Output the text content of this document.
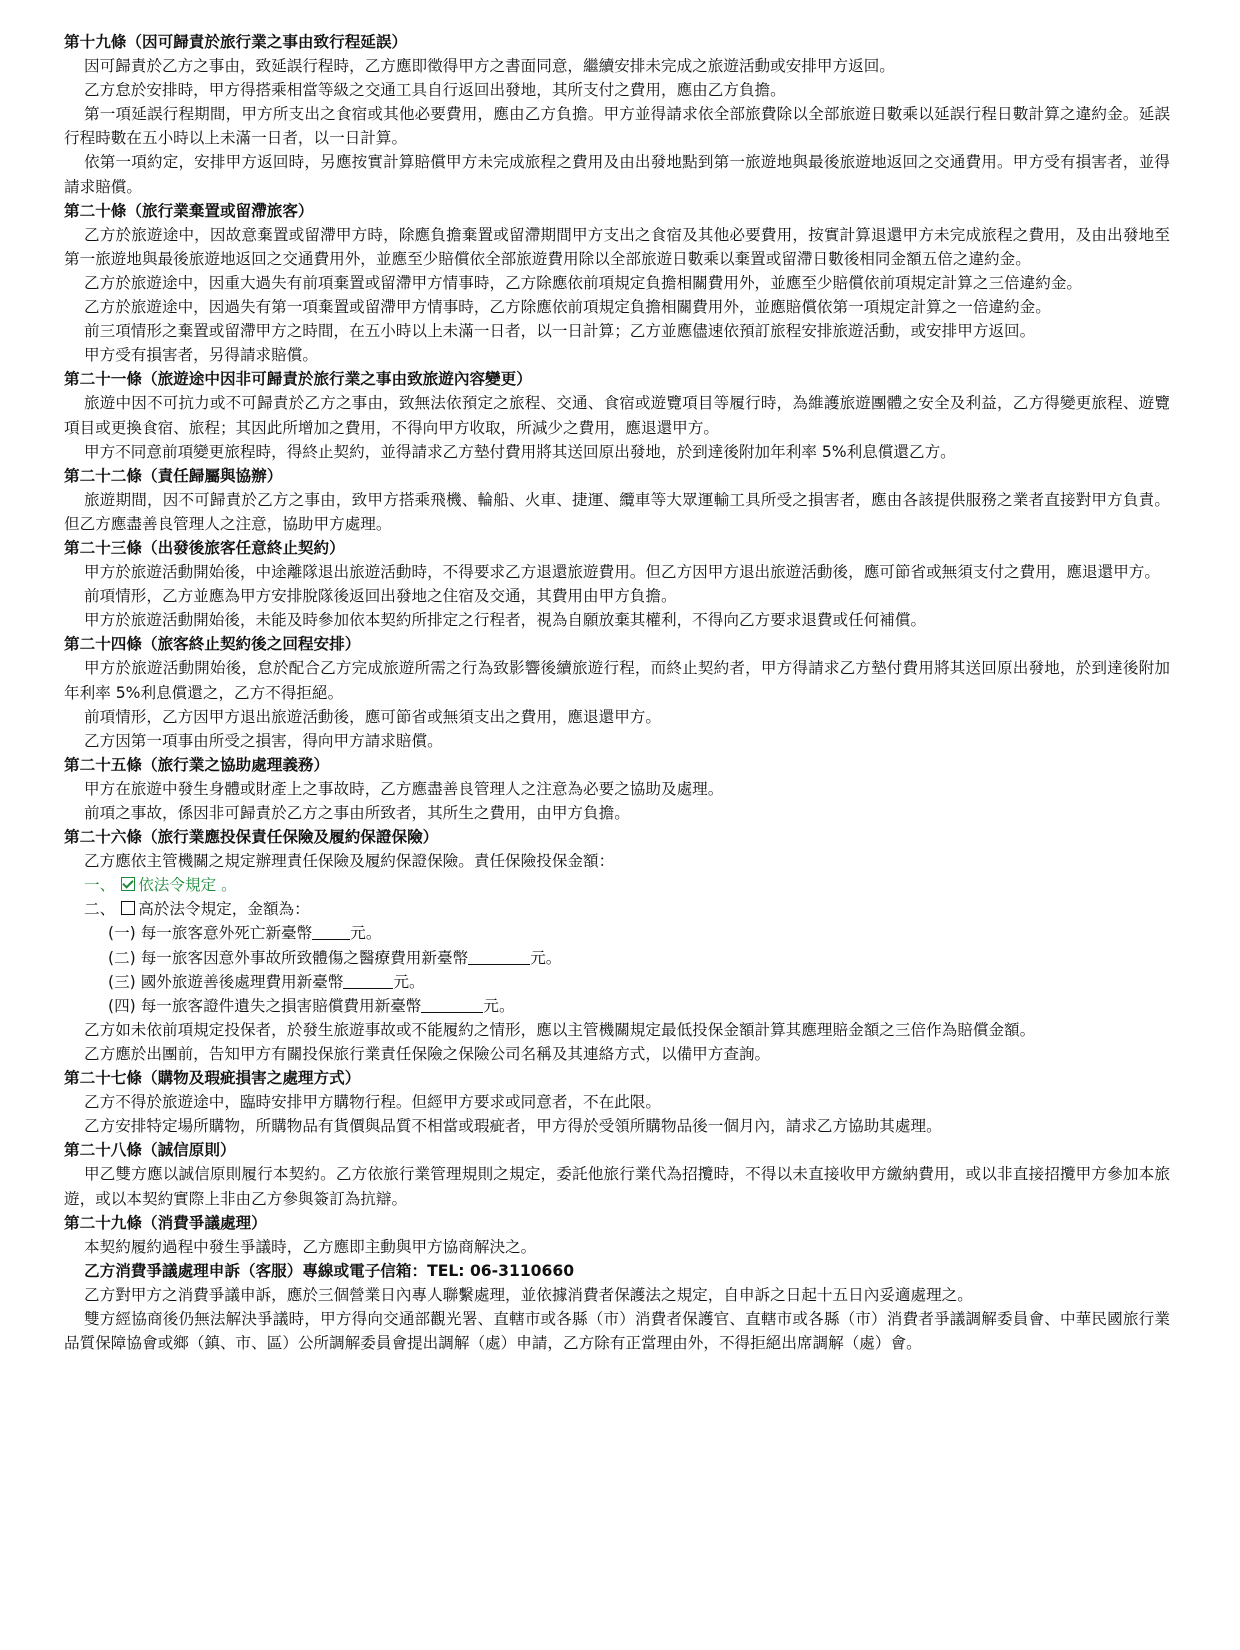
第十九條（因可歸責於旅行業之事由致行程延誤）
因可歸責於乙方之事由，致延誤行程時，乙方應即徵得甲方之書面同意，繼續安排未完成之旅遊活動或安排甲方返回。
乙方怠於安排時，甲方得搭乘相當等級之交通工具自行返回出發地，其所支付之費用，應由乙方負擔。
第一項延誤行程期間，甲方所支出之食宿或其他必要費用，應由乙方負擔。甲方並得請求依全部旅費除以全部旅遊日數乘以延誤行程日數計算之違約金。延誤行程時數在五小時以上未滿一日者，以一日計算。
依第一項約定，安排甲方返回時，另應按實計算賠償甲方未完成旅程之費用及由出發地點到第一旅遊地與最後旅遊地返回之交通費用。甲方受有損害者，並得請求賠償。
第二十條（旅行業棄置或留滯旅客）
乙方於旅遊途中，因故意棄置或留滯甲方時，除應負擔棄置或留滯期間甲方支出之食宿及其他必要費用，按實計算退還甲方未完成旅程之費用，及由出發地至第一旅遊地與最後旅遊地返回之交通費用外，並應至少賠償依全部旅遊費用除以全部旅遊日數乘以棄置或留滯日數後相同金額五倍之違約金。
乙方於旅遊途中，因重大過失有前項棄置或留滯甲方情事時，乙方除應依前項規定負擔相關費用外，並應至少賠償依前項規定計算之三倍違約金。
乙方於旅遊途中，因過失有第一項棄置或留滯甲方情事時，乙方除應依前項規定負擔相關費用外，並應賠償依第一項規定計算之一倍違約金。
前三項情形之棄置或留滯甲方之時間，在五小時以上未滿一日者，以一日計算；乙方並應儘速依預訂旅程安排旅遊活動，或安排甲方返回。
甲方受有損害者，另得請求賠償。
第二十一條（旅遊途中因非可歸責於旅行業之事由致旅遊內容變更）
旅遊中因不可抗力或不可歸責於乙方之事由，致無法依預定之旅程、交通、食宿或遊覽項目等履行時，為維護旅遊團體之安全及利益，乙方得變更旅程、遊覽項目或更換食宿、旅程；其因此所增加之費用，不得向甲方收取，所減少之費用，應退還甲方。
甲方不同意前項變更旅程時，得終止契約，並得請求乙方墊付費用將其送回原出發地，於到達後附加年利率 5%利息償還乙方。
第二十二條（責任歸屬與協辦）
旅遊期間，因不可歸責於乙方之事由，致甲方搭乘飛機、輪船、火車、捷運、纜車等大眾運輸工具所受之損害者，應由各該提供服務之業者直接對甲方負責。但乙方應盡善良管理人之注意，協助甲方處理。
第二十三條（出發後旅客任意終止契約）
甲方於旅遊活動開始後，中途離隊退出旅遊活動時，不得要求乙方退還旅遊費用。但乙方因甲方退出旅遊活動後，應可節省或無須支付之費用，應退還甲方。
前項情形，乙方並應為甲方安排脫隊後返回出發地之住宿及交通，其費用由甲方負擔。
甲方於旅遊活動開始後，未能及時參加依本契約所排定之行程者，視為自願放棄其權利，不得向乙方要求退費或任何補償。
第二十四條（旅客終止契約後之回程安排）
甲方於旅遊活動開始後，怠於配合乙方完成旅遊所需之行為致影響後續旅遊行程，而終止契約者，甲方得請求乙方墊付費用將其送回原出發地，於到達後附加年利率 5%利息償還之，乙方不得拒絕。
前項情形，乙方因甲方退出旅遊活動後，應可節省或無須支出之費用，應退還甲方。
乙方因第一項事由所受之損害，得向甲方請求賠償。
第二十五條（旅行業之協助處理義務）
甲方在旅遊中發生身體或財產上之事故時，乙方應盡善良管理人之注意為必要之協助及處理。
前項之事故，係因非可歸責於乙方之事由所致者，其所生之費用，由甲方負擔。
第二十六條（旅行業應投保責任保險及履約保證保險）
乙方應依主管機關之規定辦理責任保險及履約保證保險。責任保險投保金額：
一、 依法令規定 。
二、 高於法令規定，金額為：
(一) 每一旅客意外死亡新臺幣 元。
(二) 每一旅客因意外事故所致體傷之醫療費用新臺幣	元。
(三) 國外旅遊善後處理費用新臺幣	元。
(四) 每一旅客證件遺失之損害賠償費用新臺幣	元。
乙方如未依前項規定投保者，於發生旅遊事故或不能履約之情形，應以主管機關規定最低投保金額計算其應理賠金額之三倍作為賠償金額。
乙方應於出團前，告知甲方有關投保旅行業責任保險之保險公司名稱及其連絡方式，以備甲方查詢。
第二十七條（購物及瑕疵損害之處理方式）
乙方不得於旅遊途中，臨時安排甲方購物行程。但經甲方要求或同意者，不在此限。
乙方安排特定場所購物，所購物品有貨價與品質不相當或瑕疵者，甲方得於受領所購物品後一個月內，請求乙方協助其處理。
第二十八條（誠信原則）
甲乙雙方應以誠信原則履行本契約。乙方依旅行業管理規則之規定，委託他旅行業代為招攬時，不得以未直接收甲方繳納費用，或以非直接招攬甲方參加本旅遊，或以本契約實際上非由乙方參與簽訂為抗辯。
第二十九條（消費爭議處理）
本契約履約過程中發生爭議時，乙方應即主動與甲方協商解決之。
乙方消費爭議處理申訴（客服）專線或電子信箱：TEL: 06-3110660
乙方對甲方之消費爭議申訴，應於三個營業日內專人聯繫處理，並依據消費者保護法之規定，自申訴之日起十五日內妥適處理之。
雙方經協商後仍無法解決爭議時，甲方得向交通部觀光署、直轄市或各縣（市）消費者保護官、直轄市或各縣（市）消費者爭議調解委員會、中華民國旅行業品質保障協會或鄉（鎮、市、區）公所調解委員會提出調解（處）申請，乙方除有正當理由外，不得拒絕出席調解（處）會。
